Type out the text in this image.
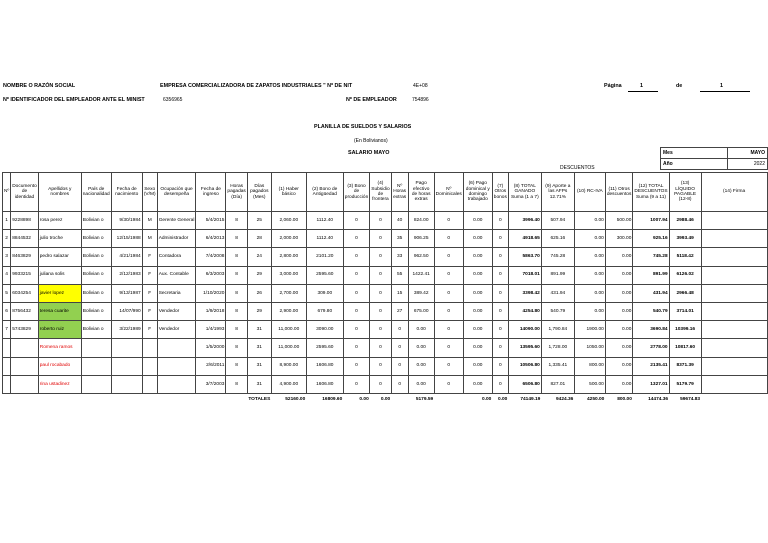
NOMBRE O RAZÓN SOCIAL	EMPRESA COMERCIALIZADORA DE ZAPATOS INDUSTRIALES " Nº DE NIT	4E+08	Página	1	de	1
Nº IDENTIFICADOR DEL EMPLEADOR ANTE EL MINIST	6356965	Nº DE EMPLEADOR	754896
PLANILLA DE SUELDOS Y SALARIOS
(En Bolivianos)
SALARIO MAYO
DESCUENTOS
Mes	MAYO
Año	2022
Nº	Documento de identidad	Apellidos y nombres	País de nacionalidad	Fecha de nacimiento	Sexo (V/M)	Ocupación que desempeña	Fecha de ingreso	Horas pagadas (Día)	Días pagados (Mes)	(1) Haber básico	(2) Bono de Antigüedad	(3) Bono de producción	(4) Subsidio de frontera	Nº Horas extras	Pago efectivo de horas extras	Nº Dominicales	(6) Pago dominical y domingo trabajado	(7) Otros bonos	(8) TOTAL GANADO Suma (1 a 7)	(9) Aporte a las AFPs 12.71%	(10) RC-IVA	(11) Otros descuentos	(12) TOTAL DESCUENTOS Suma (9 a 11)	(13) LÍQUIDO PAGABLE (12-8)	(14) Firma
1	9228898	rosa perez	Bolivian o	9/30/1984	M	Gerente General	5/4/2015	8	25	2,060.00	1112.40	0	0	40	824.00	0	0.00	0	3996.40	507.94	0.00	500.00	1007.94	2988.46	
2	8844532	julio troche	Bolivian o	12/15/1988	M	Administrador	6/4/2013	8	28	2,000.00	1112.40	0	0	35	906.25	0	0.00	0	4918.65	625.16	0.00	300.00	925.16	3993.49	
3	8463829	pedro salazar	Bolivian o	4/21/1984	F	Contadora	7/4/2008	8	24	2,800.00	2101.20	0	0	33	962.50	0	0.00	0	5863.70	745.28	0.00	0.00	745.28	5118.42	
4	9933215	juliana solis	Bolivian o	2/12/1983	F	Aux. Contable	6/3/2003	8	29	3,000.00	2595.60	0	0	55	1422.41	0	0.00	0	7018.01	891.99	0.00	0.00	891.99	6126.02	
5	6034254	javier lopez	Bolivian o	9/13/1987	F	Secretaria	1/10/2020	8	26	2,700.00	309.00	0	0	15	389.42	0	0.00	0	3398.42	431.94	0.00	0.00	431.94	2966.48	
6	8756432	teresa cuarite	Bolivian o	14/07/990	F	Vendedor	1/9/2018	8	29	2,900.00	679.80	0	0	27	675.00	0	0.00	0	4254.80	540.79	0.00	0.00	540.79	3714.01	
7	5743829	roberto ruiz	Bolivian o	3/22/1989	F	Vendedor	1/4/1993	8	31	11,000.00	3090.00	0	0	0	0.00	0	0.00	0	14090.00	1,790.84	1900.00	0.00	3690.84	10399.16	
		Romena ramos					1/5/2000	8	31	11,000.00	2595.60	0	0	0	0.00	0	0.00	0	13595.60	1,728.00	1050.00	0.00	2778.00	10817.60	
		paul rocabado					2/6/2011	8	31	8,900.00	1606.80	0	0	0	0.00	0	0.00	0	10506.80	1,335.41	800.00	0.00	2135.41	8371.39	
		rina ustadinez					3/7/2003	8	31	4,900.00	1606.80	0	0	0	0.00	0	0.00	0	6506.80	827.01	500.00	0.00	1327.01	5179.79	
									TOTALES	52160.00	16809.60	0.00	0.00		5179.59		0.00	0.00	74149.19	9424.36	4250.00	800.00	14474.36	59674.83	
